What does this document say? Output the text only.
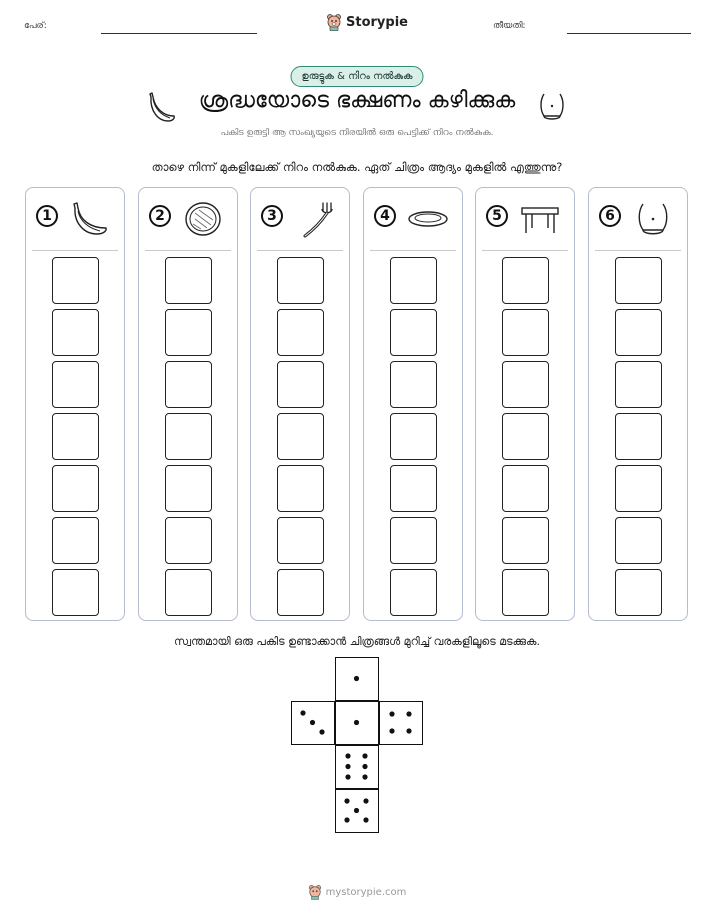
പേര്:	Storypie	തീയതി:
ഉരുട്ടുക & നിറം നൽകുക
ശ്രദ്ധയോടെ ഭക്ഷണം കഴിക്കുക
പകിട ഉരുട്ടി ആ സംഖ്യയുടെ നിരയിൽ ഒരു പെട്ടിക്ക് നിറം നൽകുക.
താഴെ നിന്ന് മുകളിലേക്ക് നിറം നൽകുക. ഏത് ചിത്രം ആദ്യം മുകളിൽ എത്തുന്നു?
1	2	3	4	5	6
സ്വന്തമായി ഒരു പകിട ഉണ്ടാക്കാൻ ചിത്രങ്ങൾ മുറിച്ച് വരകളിലൂടെ മടക്കുക.
mystorypie.com
